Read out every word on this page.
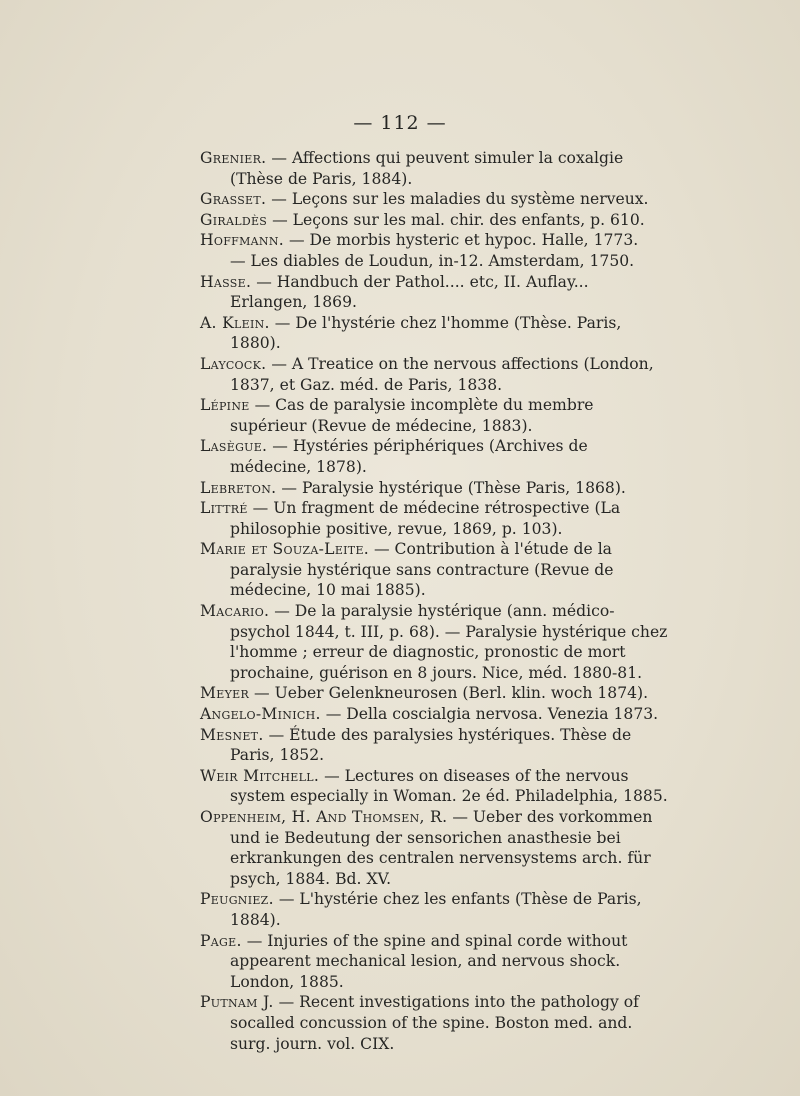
— 112 —

Grenier. — Affections qui peuvent simuler la coxalgie (Thèse de Paris, 1884).

Grasset. — Leçons sur les maladies du système nerveux.

Giraldès — Leçons sur les mal. chir. des enfants, p. 610.

Hoffmann. — De morbis hysteric et hypoc. Halle, 1773.

— Les diables de Loudun, in-12. Amsterdam, 1750.

Hasse. — Handbuch der Pathol.... etc, II. Auflay... Erlangen, 1869.

A. Klein. — De l'hystérie chez l'homme (Thèse. Paris, 1880).

Laycock. — A Treatice on the nervous affections (London, 1837, et Gaz. méd. de Paris, 1838.

Lépine — Cas de paralysie incomplète du membre supérieur (Revue de médecine, 1883).

Lasègue. — Hystéries périphériques (Archives de médecine, 1878).

Lebreton. — Paralysie hystérique (Thèse Paris, 1868).

Littré — Un fragment de médecine rétrospective (La philosophie positive, revue, 1869, p. 103).

Marie et Souza-Leite. — Contribution à l'étude de la paralysie hystérique sans contracture (Revue de médecine, 10 mai 1885).

Macario. — De la paralysie hystérique (ann. médico-psychol 1844, t. III, p. 68). — Paralysie hystérique chez l'homme ; erreur de diagnostic, pronostic de mort prochaine, guérison en 8 jours. Nice, méd. 1880-81.

Meyer — Ueber Gelenkneurosen (Berl. klin. woch 1874).

Angelo-Minich. — Della coscialgia nervosa. Venezia 1873.

Mesnet. — Étude des paralysies hystériques. Thèse de Paris, 1852.

Weir Mitchell. — Lectures on diseases of the nervous system especially in Woman. 2e éd. Philadelphia, 1885.

Oppenheim, H. And Thomsen, R. — Ueber des vorkommen und ie Bedeutung der sensorichen anasthesie bei erkrankungen des centralen nervensystems arch. für psych, 1884. Bd. XV.

Peugniez. — L'hystérie chez les enfants (Thèse de Paris, 1884).

Page. — Injuries of the spine and spinal corde without appearent mechanical lesion, and nervous shock. London, 1885.

Putnam J. — Recent investigations into the pathology of socalled concussion of the spine. Boston med. and. surg. journ. vol. CIX.
